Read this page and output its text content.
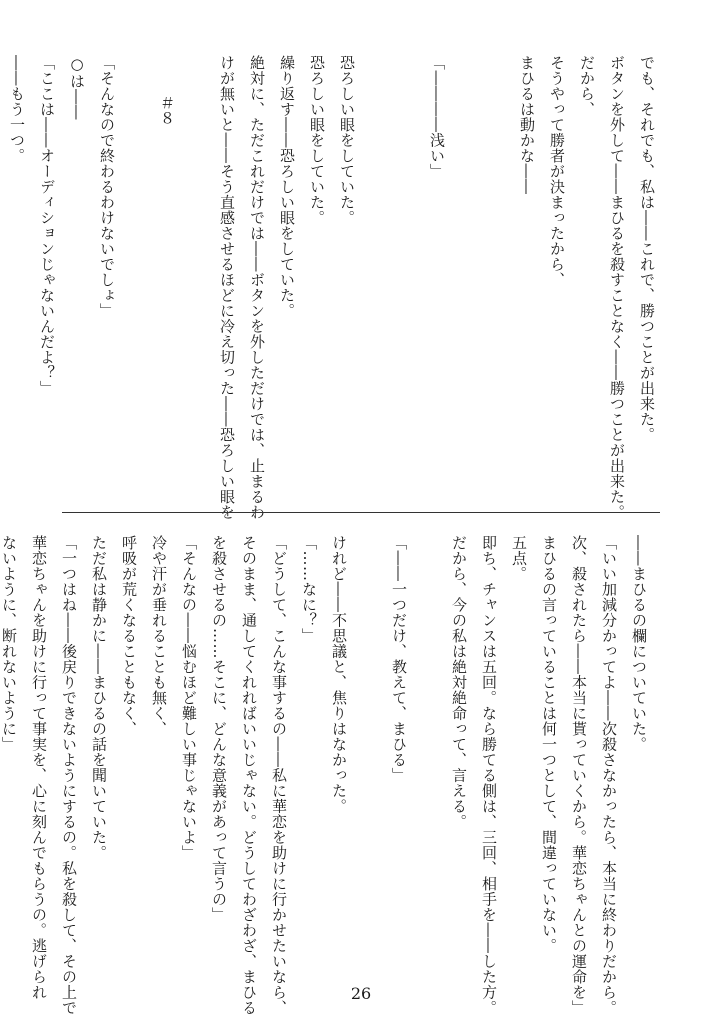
でも、それでも、私は――これで、勝つことが出来た。

ボタンを外して――まひるを殺すことなく――勝つことが出来た。

だから、

そうやって勝者が決まったから、

まひるは動かな――

「――――浅い」

恐ろしい眼をしていた。

恐ろしい眼をしていた。

繰り返す――恐ろしい眼をしていた。

絶対に、ただこれだけでは――ボタンを外しただけでは、止まるわ

けが無いと――そう直感させるほどに冷え切った――恐ろしい眼を

＃８

「そんなので終わるわけないでしょ」

○は――

「ここは――オーディションじゃないんだよ？」

――もう一つ。

――まひるの欄についていた。

「いい加減分かってよ――次殺さなかったら、本当に終わりだから。

次、殺されたら――本当に貰っていくから。華恋ちゃんとの運命を」

まひるの言っていることは何一つとして、間違っていない。

五点。

即ち、チャンスは五回。なら勝てる側は、三回、相手を――した方。

だから、今の私は絶対絶命って、言える。

「――一つだけ、教えて、まひる」

けれど――不思議と、焦りはなかった。

「……なに？」

「どうして、こんな事するの――私に華恋を助けに行かせたいなら、

そのまま、通してくれればいいじゃない。どうしてわざわざ、まひる

を殺させるの……そこに、どんな意義があって言うの」

「そんなの――悩むほど難しい事じゃないよ」

冷や汗が垂れることも無く、

呼吸が荒くなることもなく、

ただ私は静かに――まひるの話を聞いていた。

「一つはね――後戻りできないようにするの。私を殺して、その上で

華恋ちゃんを助けに行って事実を、心に刻んでもらうの。逃げられ

ないように、断れないように」

26
